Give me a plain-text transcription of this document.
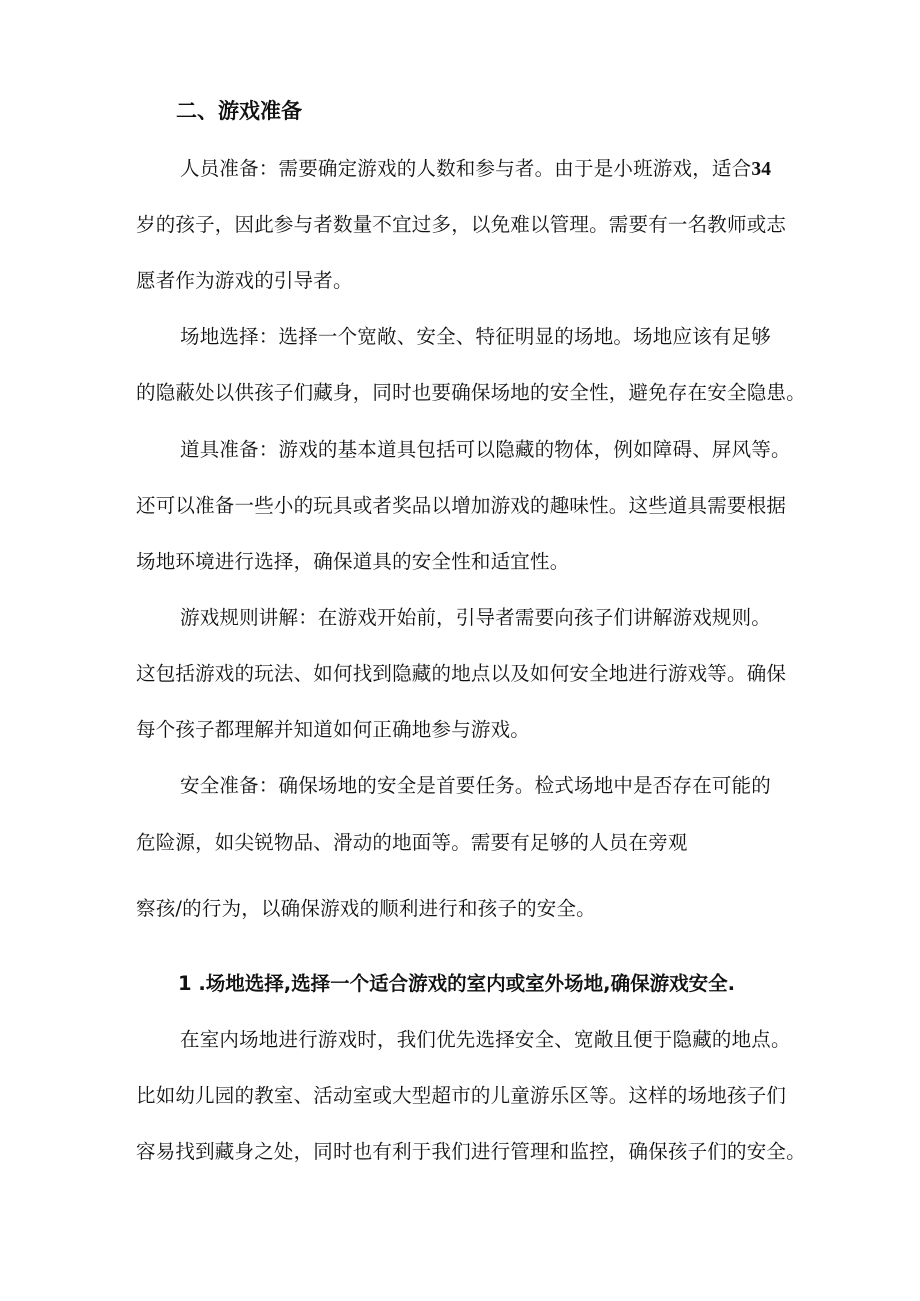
二、游戏准备
人员准备：需要确定游戏的人数和参与者。由于是小班游戏，适合34
岁的孩子，因此参与者数量不宜过多，以免难以管理。需要有一名教师或志
愿者作为游戏的引导者。
场地选择：选择一个宽敞、安全、特征明显的场地。场地应该有足够
的隐蔽处以供孩子们藏身，同时也要确保场地的安全性，避免存在安全隐患。
道具准备：游戏的基本道具包括可以隐藏的物体，例如障碍、屏风等。
还可以准备一些小的玩具或者奖品以增加游戏的趣味性。这些道具需要根据
场地环境进行选择，确保道具的安全性和适宜性。
游戏规则讲解：在游戏开始前，引导者需要向孩子们讲解游戏规则。
这包括游戏的玩法、如何找到隐藏的地点以及如何安全地进行游戏等。确保
每个孩子都理解并知道如何正确地参与游戏。
安全准备：确保场地的安全是首要任务。检式场地中是否存在可能的
危险源，如尖锐物品、滑动的地面等。需要有足够的人员在旁观
察孩/的行为，以确保游戏的顺利进行和孩子的安全。
1 .场地选择,选择一个适合游戏的室内或室外场地,确保游戏安全.
在室内场地进行游戏时，我们优先选择安全、宽敞且便于隐藏的地点。
比如幼儿园的教室、活动室或大型超市的儿童游乐区等。这样的场地孩子们
容易找到藏身之处，同时也有利于我们进行管理和监控，确保孩子们的安全。
